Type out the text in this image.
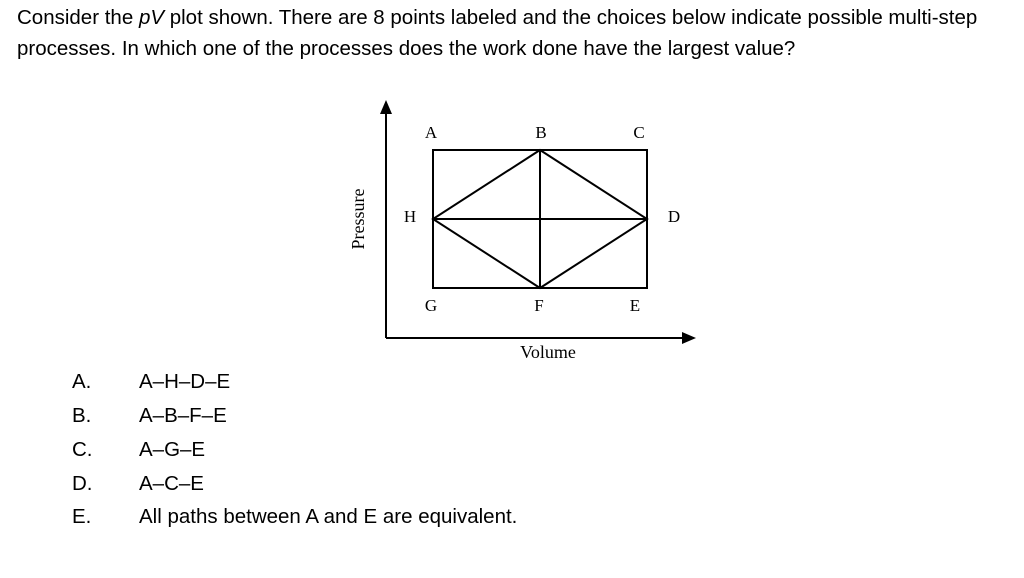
Consider the pV plot shown. There are 8 points labeled and the choices below indicate possible multi-step processes. In which one of the processes does the work done have the largest value?

A	B	C
D
H
G	F	E
Volume
Pressure
A. A–H–D–E
B. A–B–F–E
C. A–G–E
D. A–C–E
E. All paths between A and E are equivalent.
